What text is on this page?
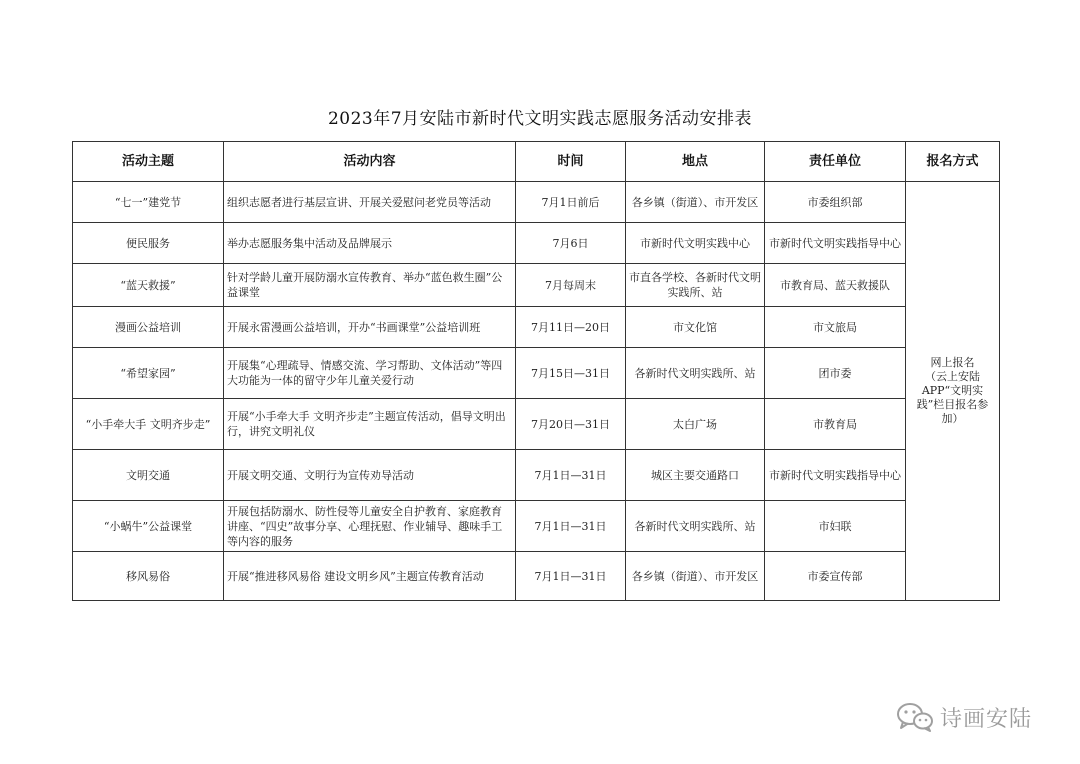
2023年7月安陆市新时代文明实践志愿服务活动安排表
活动主题	活动内容	时间	地点	责任单位	报名方式
“七一”建党节	组织志愿者进行基层宣讲、开展关爱慰问老党员等活动	7月1日前后	各乡镇（街道）、市开发区	市委组织部	网上报名
（云上安陆APP“文明实践”栏目报名参加）

便民服务	举办志愿服务集中活动及品牌展示	7月6日	市新时代文明实践中心	市新时代文明实践指导中心	
“蓝天救援”	针对学龄儿童开展防溺水宣传教育、举办“蓝色救生圈”公益课堂	7月每周末	市直各学校、各新时代文明实践所、站	市教育局、蓝天救援队	
漫画公益培训	开展永雷漫画公益培训，开办“书画课堂”公益培训班	7月11日—20日	市文化馆	市文旅局	
“希望家园”	开展集“心理疏导、情感交流、学习帮助、文体活动”等四大功能为一体的留守少年儿童关爱行动	7月15日—31日	各新时代文明实践所、站	团市委	
“小手牵大手 文明齐步走”	开展“小手牵大手 文明齐步走”主题宣传活动，倡导文明出行，讲究文明礼仪	7月20日—31日	太白广场	市教育局	
文明交通	开展文明交通、文明行为宣传劝导活动	7月1日—31日	城区主要交通路口	市新时代文明实践指导中心	
“小蜗牛”公益课堂	开展包括防溺水、防性侵等儿童安全自护教育、家庭教育讲座、“四史”故事分享、心理抚慰、作业辅导、趣味手工等内容的服务	7月1日—31日	各新时代文明实践所、站	市妇联	
移风易俗	开展“推进移风易俗 建设文明乡风”主题宣传教育活动	7月1日—31日	各乡镇（街道）、市开发区	市委宣传部	
诗画安陆
